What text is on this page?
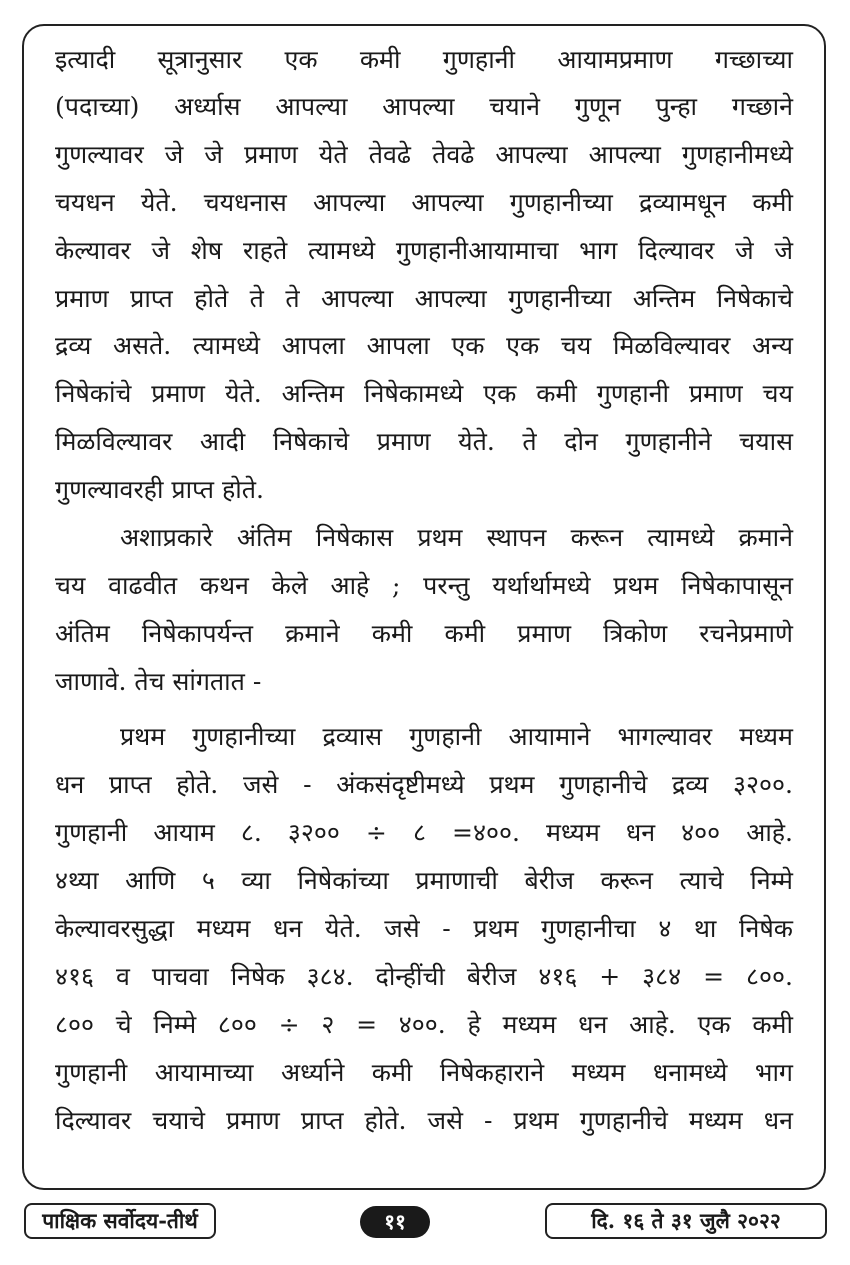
इत्यादी सूत्रानुसार एक कमी गुणहानी आयामप्रमाण गच्छाच्या
(पदाच्या) अर्ध्यास आपल्या आपल्या चयाने गुणून पुन्हा गच्छाने
गुणल्यावर जे जे प्रमाण येते तेवढे तेवढे आपल्या आपल्या गुणहानीमध्ये
चयधन येते. चयधनास आपल्या आपल्या गुणहानीच्या द्रव्यामधून कमी
केल्यावर जे शेष राहते त्यामध्ये गुणहानीआयामाचा भाग दिल्यावर जे जे
प्रमाण प्राप्त होते ते ते आपल्या आपल्या गुणहानीच्या अन्तिम निषेकाचे
द्रव्य असते. त्यामध्ये आपला आपला एक एक चय मिळविल्यावर अन्य
निषेकांचे प्रमाण येते. अन्तिम निषेकामध्ये एक कमी गुणहानी प्रमाण चय
मिळविल्यावर आदी निषेकाचे प्रमाण येते. ते दोन गुणहानीने चयास
गुणल्यावरही प्राप्त होते.
अशाप्रकारे अंतिम निषेकास प्रथम स्थापन करून त्यामध्ये क्रमाने
चय वाढवीत कथन केले आहे ; परन्तु यर्थार्थामध्ये प्रथम निषेकापासून
अंतिम निषेकापर्यन्त क्रमाने कमी कमी प्रमाण त्रिकोण रचनेप्रमाणे
जाणावे. तेच सांगतात -
प्रथम गुणहानीच्या द्रव्यास गुणहानी आयामाने भागल्यावर मध्यम
धन प्राप्त होते. जसे - अंकसंदृष्टीमध्ये प्रथम गुणहानीचे द्रव्य ३२००.
गुणहानी आयाम ८. ३२०० ÷ ८ =४००. मध्यम धन ४०० आहे.
४थ्या आणि ५ व्या निषेकांच्या प्रमाणाची बेरीज करून त्याचे निम्मे
केल्यावरसुद्धा मध्यम धन येते. जसे - प्रथम गुणहानीचा ४ था निषेक
४१६ व पाचवा निषेक ३८४. दोन्हींची बेरीज ४१६ + ३८४ = ८००.
८०० चे निम्मे ८०० ÷ २ = ४००. हे मध्यम धन आहे. एक कमी
गुणहानी आयामाच्या अर्ध्याने कमी निषेकहाराने मध्यम धनामध्ये भाग
दिल्यावर चयाचे प्रमाण प्राप्त होते. जसे - प्रथम गुणहानीचे मध्यम धन
पाक्षिक सर्वोदय-तीर्थ	११	दि. १६ ते ३१ जुलै २०२२
